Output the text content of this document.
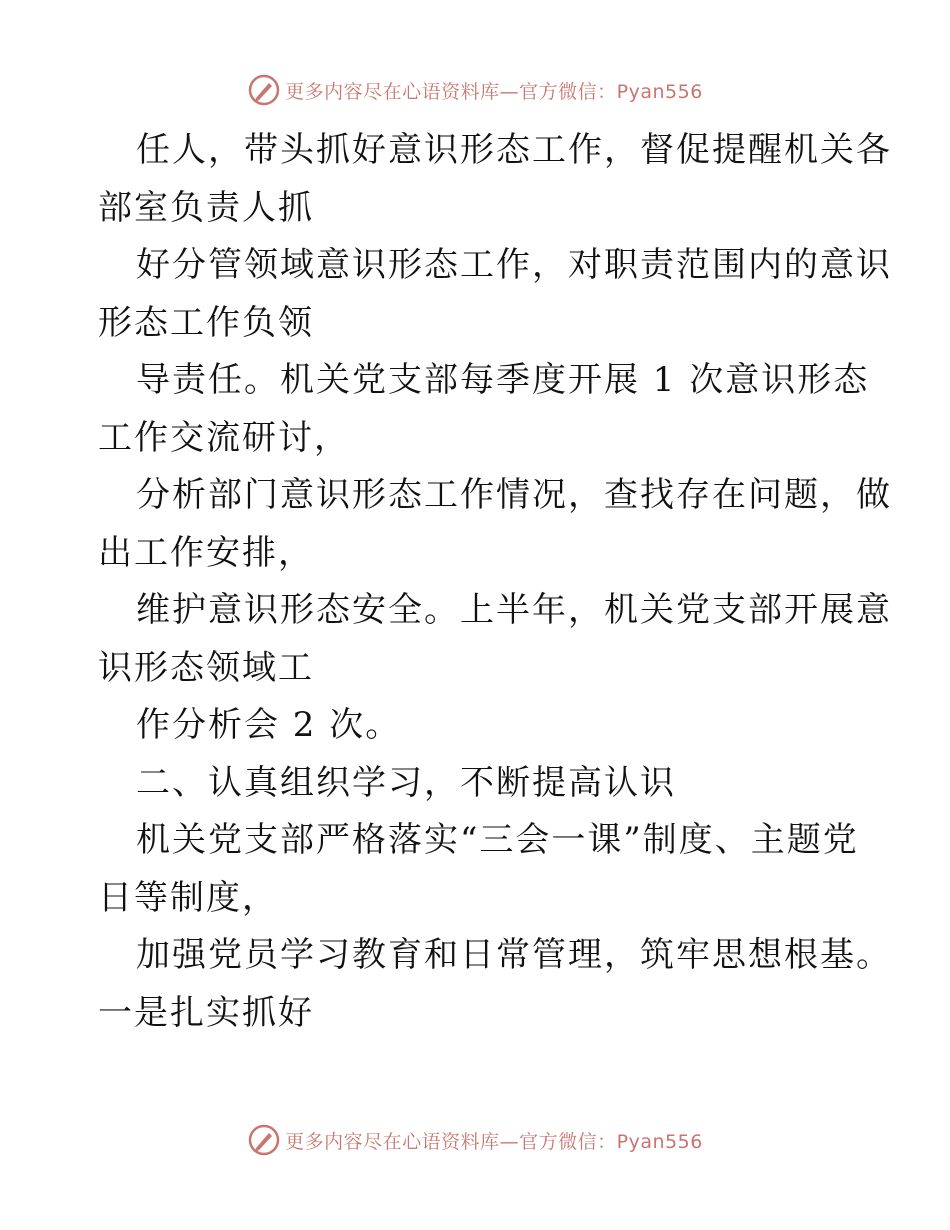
更多内容尽在心语资料库—官方微信：Pyan556
任人，带头抓好意识形态工作，督促提醒机关各
部室负责人抓
好分管领域意识形态工作，对职责范围内的意识
形态工作负领
导责任。机关党支部每季度开展 1 次意识形态
工作交流研讨，
分析部门意识形态工作情况，查找存在问题，做
出工作安排，
维护意识形态安全。上半年，机关党支部开展意
识形态领域工
作分析会 2 次。
二、认真组织学习，不断提高认识
机关党支部严格落实“三会一课”制度、主题党
日等制度，
加强党员学习教育和日常管理，筑牢思想根基。
一是扎实抓好
更多内容尽在心语资料库—官方微信：Pyan556
